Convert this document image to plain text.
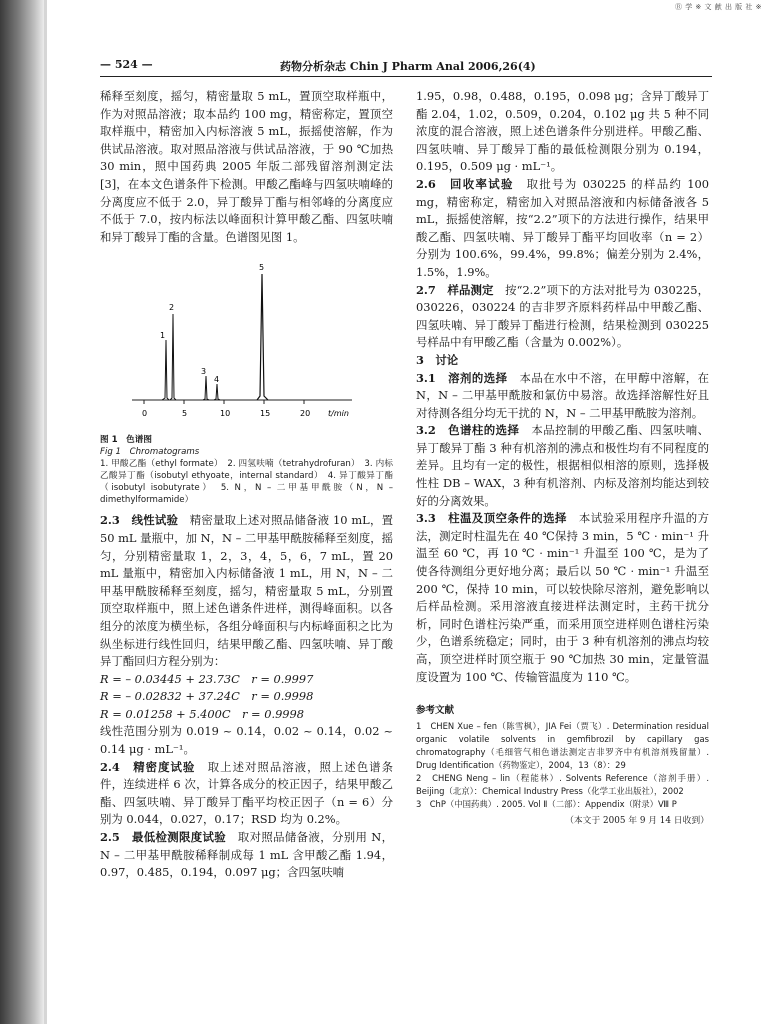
Ⓡ 学 ※ 文 献 出 版 社 ※
— 524 —	药物分析杂志 Chin J Pharm Anal 2006,26(4)

稀释至刻度，摇匀，精密量取 5 mL，置顶空取样瓶中，作为对照品溶液；取本品约 100 mg，精密称定，置顶空取样瓶中，精密加入内标溶液 5 mL，振摇使溶解，作为供试品溶液。取对照品溶液与供试品溶液，于 90 ℃加热 30 min，照中国药典 2005 年版二部残留溶剂测定法[3]，在本文色谱条件下检测。甲酸乙酯峰与四氢呋喃峰的分离度应不低于 2.0，异丁酸异丁酯与相邻峰的分离度应不低于 7.0，按内标法以峰面积计算甲酸乙酯、四氢呋喃和异丁酸异丁酯的含量。色谱图见图 1。

0	5	10	15	20 t/min
1
2
3
4
5
图 1　色谱图
Fig 1　Chromatograms
1. 甲酸乙酯（ethyl formate）　2. 四氢呋喃（tetrahydrofuran）　3. 内标乙酸异丁酯（isobutyl ethyoate，internal standard）　4. 异丁酸异丁酯（isobutyl isobutyrate）　5. N，N – 二甲基甲酰胺（N，N – dimethylformamide）

2.3　线性试验　 精密量取上述对照品储备液 10 mL，置 50 mL 量瓶中，加 N，N – 二甲基甲酰胺稀释至刻度，摇匀，分别精密量取 1，2，3，4，5，6，7 mL，置 20 mL 量瓶中，精密加入内标储备液 1 mL，用 N，N – 二甲基甲酰胺稀释至刻度，摇匀，精密量取 5 mL，分别置顶空取样瓶中，照上述色谱条件进样，测得峰面积。以各组分的浓度为横坐标，各组分峰面积与内标峰面积之比为纵坐标进行线性回归，结果甲酸乙酯、四氢呋喃、异丁酸异丁酯回归方程分别为：

R = – 0.03445 + 23.73C　r = 0.9997
R = – 0.02832 + 37.24C　r = 0.9998
R = 0.01258 + 5.400C　r = 0.9998

线性范围分别为 0.019 ~ 0.14，0.02 ~ 0.14，0.02 ~ 0.14 μg · mL⁻¹。

2.4　精密度试验　 取上述对照品溶液，照上述色谱条件，连续进样 6 次，计算各成分的校正因子，结果甲酸乙酯、四氢呋喃、异丁酸异丁酯平均校正因子（n = 6）分别为 0.044，0.027，0.17；RSD 均为 0.2%。

2.5　最低检测限度试验　 取对照品储备液，分别用 N，N – 二甲基甲酰胺稀释制成每 1 mL 含甲酸乙酯 1.94，0.97，0.485，0.194，0.097 μg；含四氢呋喃

1.95，0.98，0.488，0.195，0.098 μg；含异丁酸异丁酯 2.04，1.02，0.509，0.204，0.102 μg 共 5 种不同浓度的混合溶液，照上述色谱条件分别进样。甲酸乙酯、四氢呋喃、异丁酸异丁酯的最低检测限分别为 0.194，0.195，0.509 μg · mL⁻¹。

2.6　回收率试验　 取批号为 030225 的样品约 100 mg，精密称定，精密加入对照品溶液和内标储备液各 5 mL，振摇使溶解，按“2.2”项下的方法进行操作，结果甲酸乙酯、四氢呋喃、异丁酸异丁酯平均回收率（n = 2）分别为 100.6%，99.4%，99.8%；偏差分别为 2.4%，1.5%，1.9%。

2.7　样品测定　 按“2.2”项下的方法对批号为 030225，030226，030224 的吉非罗齐原料药样品中甲酸乙酯、四氢呋喃、异丁酸异丁酯进行检测，结果检测到 030225 号样品中有甲酸乙酯（含量为 0.002%）。

3　讨论

3.1　溶剂的选择　 本品在水中不溶，在甲醇中溶解，在 N，N – 二甲基甲酰胺和氯仿中易溶。故选择溶解性好且对待测各组分均无干扰的 N，N – 二甲基甲酰胺为溶剂。

3.2　色谱柱的选择　 本品控制的甲酸乙酯、四氢呋喃、异丁酸异丁酯 3 种有机溶剂的沸点和极性均有不同程度的差异。且均有一定的极性，根据相似相溶的原则，选择极性柱 DB – WAX，3 种有机溶剂、内标及溶剂均能达到较好的分离效果。

3.3　柱温及顶空条件的选择　 本试验采用程序升温的方法，测定时柱温先在 40 ℃保持 3 min，5 ℃ · min⁻¹ 升温至 60 ℃，再 10 ℃ · min⁻¹ 升温至 100 ℃，是为了使各待测组分更好地分离；最后以 50 ℃ · min⁻¹ 升温至 200 ℃，保持 10 min，可以较快除尽溶剂，避免影响以后样品检测。采用溶液直接进样法测定时，主药干扰分析，同时色谱柱污染严重，而采用顶空进样则色谱柱污染少，色谱系统稳定；同时，由于 3 种有机溶剂的沸点均较高，顶空进样时顶空瓶于 90 ℃加热 30 min，定量管温度设置为 100 ℃、传输管温度为 110 ℃。

参考文献

1　CHEN Xue – fen（陈雪枫），JIA Fei（贾飞）. Determination residual organic volatile solvents in gemfibrozil by capillary gas chromatography（毛细管气相色谱法测定吉非罗齐中有机溶剂残留量）. Drug Identification（药物鉴定），2004，13（8）：29

2　CHENG Neng – lin（程能林）. Solvents Reference（溶剂手册）. Beijing（北京）：Chemical Industry Press（化学工业出版社），2002

3　ChP（中国药典）. 2005. Vol Ⅱ（二部）：Appendix（附录）Ⅷ P

（本文于 2005 年 9 月 14 日收到）
